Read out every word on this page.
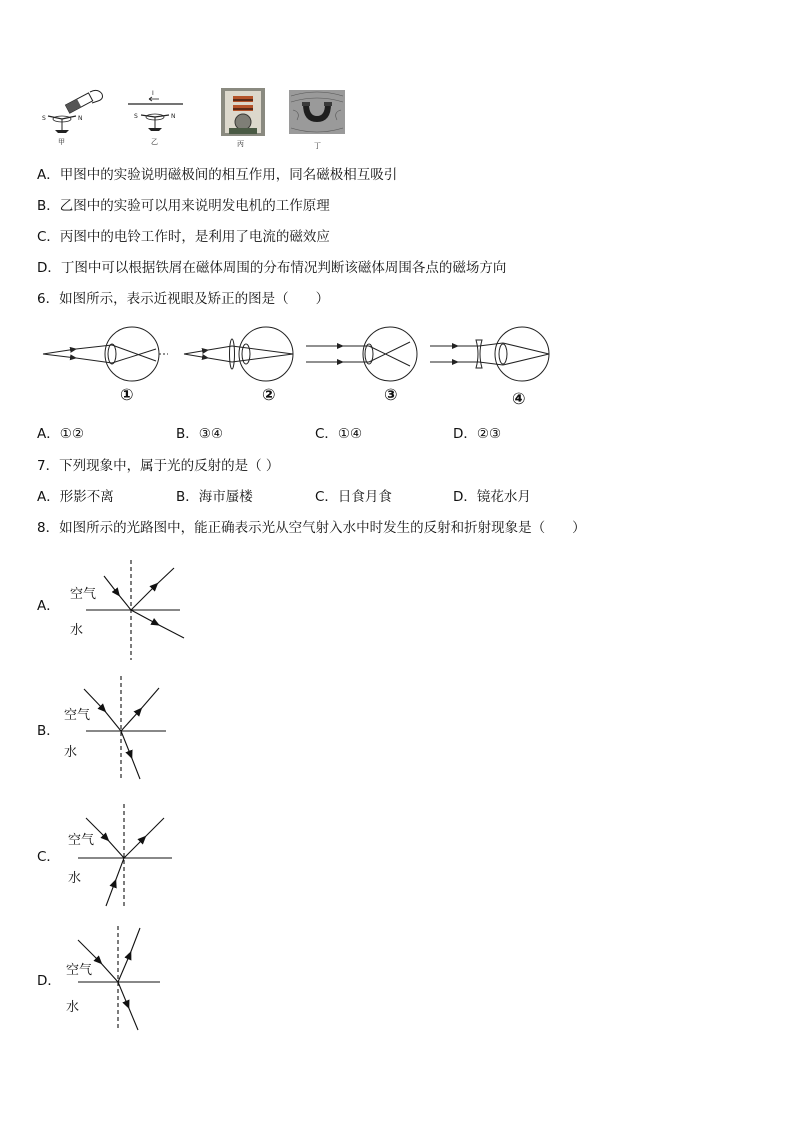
S	N
甲
I
S	N
乙	丙	丁
A．甲图中的实验说明磁极间的相互作用，同名磁极相互吸引
B．乙图中的实验可以用来说明发电机的工作原理
C．丙图中的电铃工作时，是利用了电流的磁效应
D．丁图中可以根据铁屑在磁体周围的分布情况判断该磁体周围各点的磁场方向
6．如图所示，表示近视眼及矫正的图是（　　）
①	②	③	④
A．①②	B．③④	C．①④	D．②③
7．下列现象中，属于光的反射的是（ ）
A．形影不离	B．海市蜃楼	C．日食月食	D．镜花水月
8．如图所示的光路图中，能正确表示光从空气射入水中时发生的反射和折射现象是（　　）
A．
空气
水
B．
空气
水
C．
空气
水
D．
空气
水
